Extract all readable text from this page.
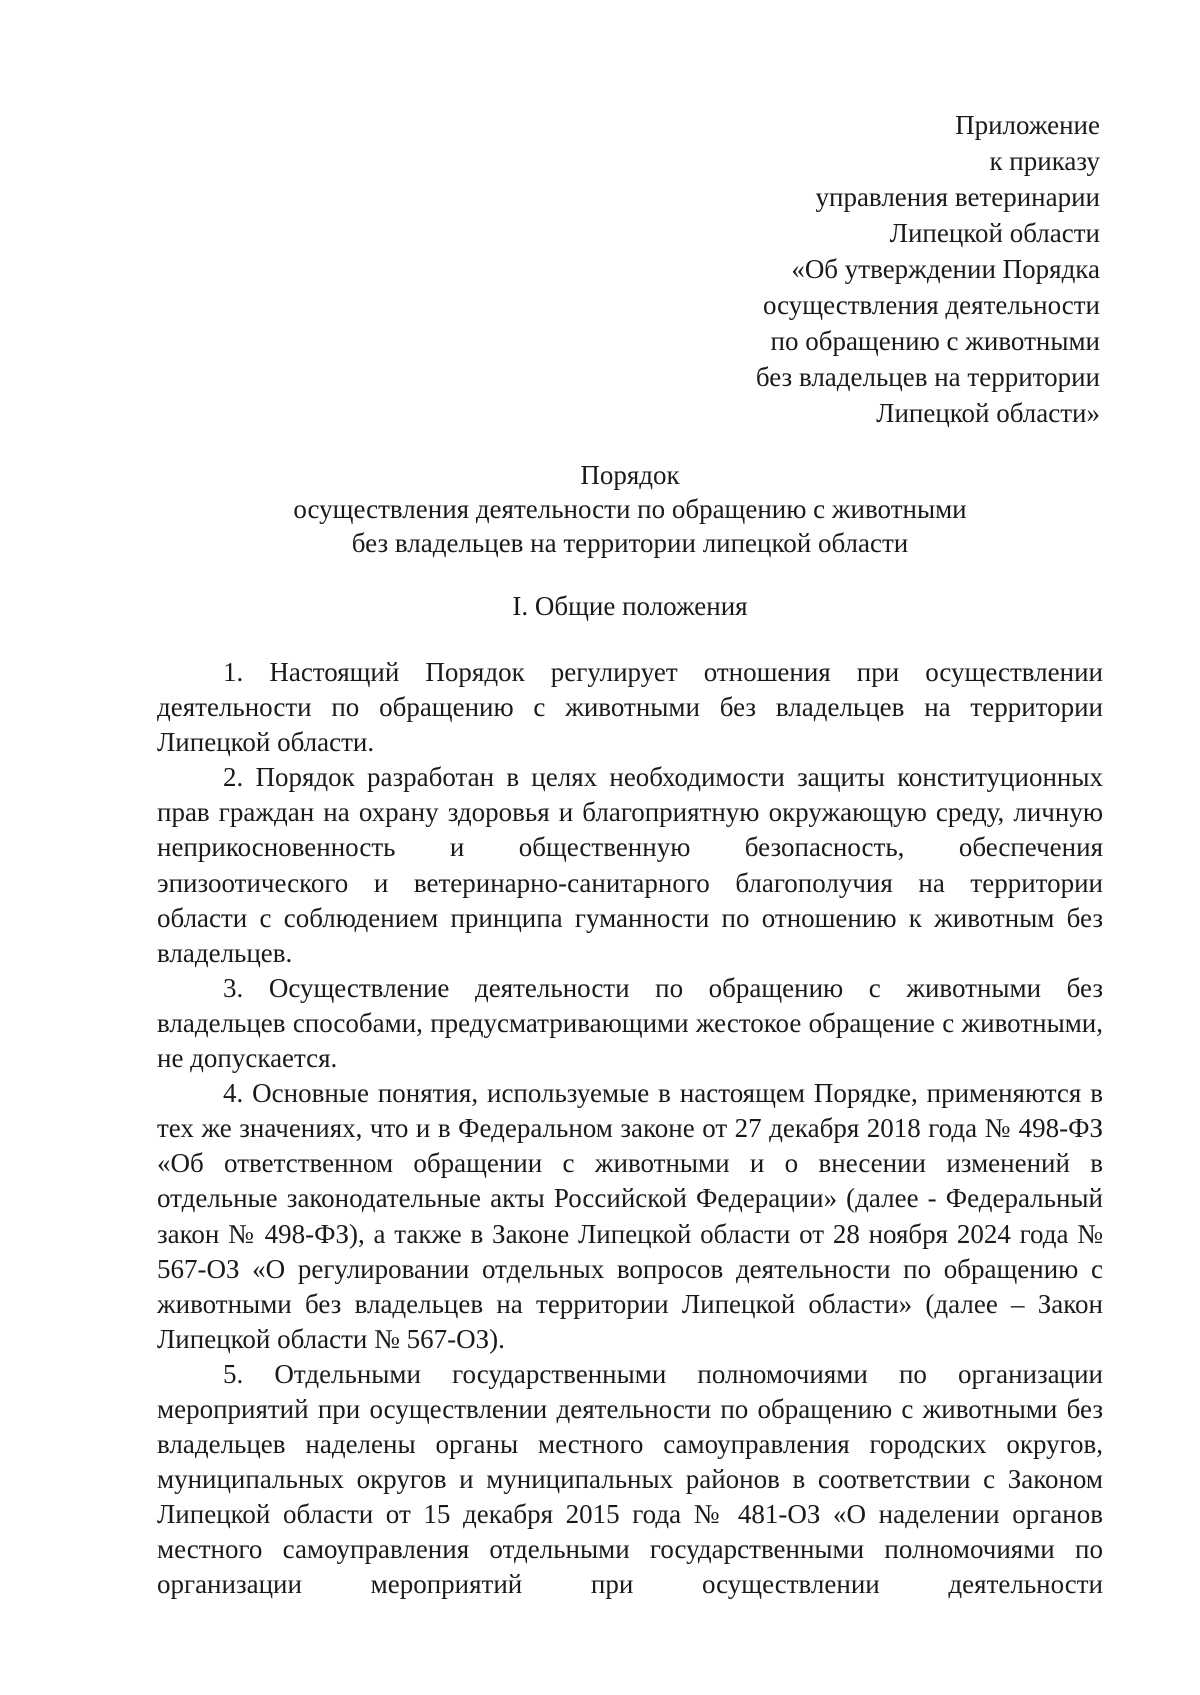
Приложение
к приказу
управления ветеринарии
Липецкой области
«Об утверждении Порядка
осуществления деятельности
по обращению с животными
без владельцев на территории
Липецкой области»
Порядок
осуществления деятельности по обращению с животными
без владельцев на территории липецкой области
I. Общие положения

1. Настоящий Порядок регулирует отношения при осуществлении деятельности по обращению с животными без владельцев на территории Липецкой области.

2. Порядок разработан в целях необходимости защиты конституционных прав граждан на охрану здоровья и благоприятную окружающую среду, личную неприкосновенность и общественную безопасность, обеспечения эпизоотического и ветеринарно-санитарного благополучия на территории области с соблюдением принципа гуманности по отношению к животным без владельцев.

3. Осуществление деятельности по обращению с животными без владельцев способами, предусматривающими жестокое обращение с животными, не допускается.

4. Основные понятия, используемые в настоящем Порядке, применяются в тех же значениях, что и в Федеральном законе от 27 декабря 2018 года № 498-ФЗ «Об ответственном обращении с животными и о внесении изменений в отдельные законодательные акты Российской Федерации» (далее - Федеральный закон № 498-ФЗ), а также в Законе Липецкой области от 28 ноября 2024 года № 567-ОЗ «О регулировании отдельных вопросов деятельности по обращению с животными без владельцев на территории Липецкой области» (далее – Закон Липецкой области № 567-ОЗ).

5. Отдельными государственными полномочиями по организации мероприятий при осуществлении деятельности по обращению с животными без владельцев наделены органы местного самоуправления городских округов, муниципальных округов и муниципальных районов в соответствии с Законом Липецкой области от 15 декабря 2015 года № 481-ОЗ «О наделении органов местного самоуправления отдельными государственными полномочиями по организации мероприятий при осуществлении деятельности
